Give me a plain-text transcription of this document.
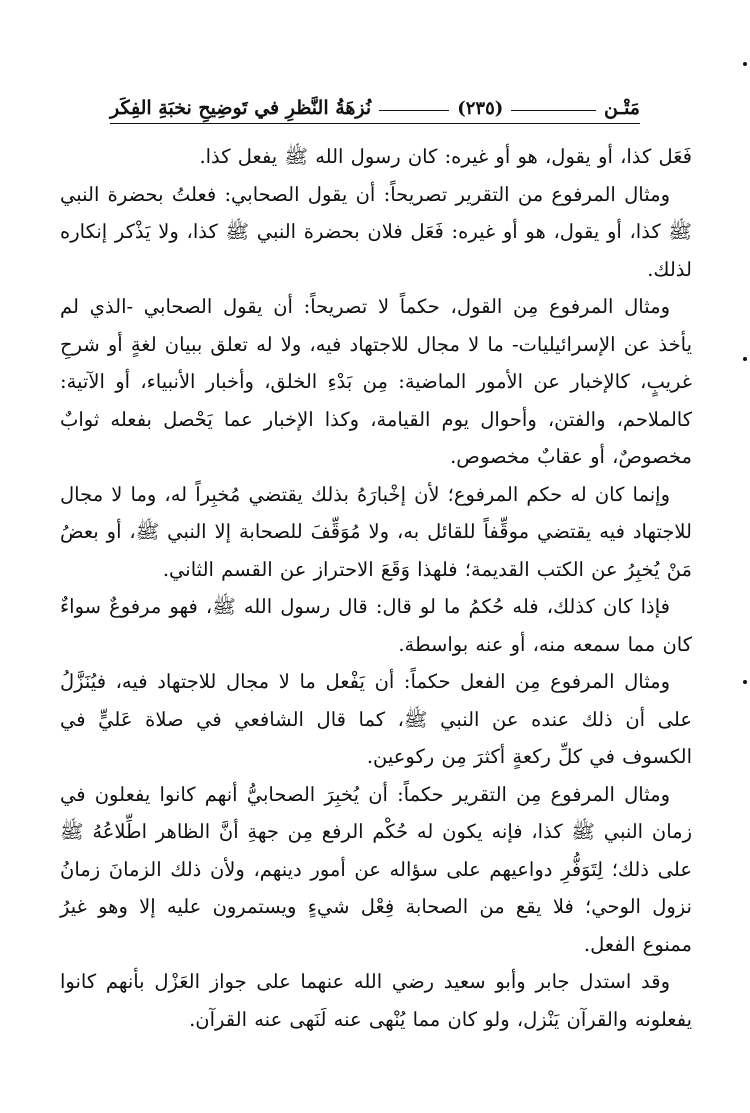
مَتْـن
(٢٣٥)
نُزهَةُ النَّظرِ في تَوضِيحِ نخبَةِ الفِكَر

فَعَل كذا، أو يقول، هو أو غيره: كان رسول الله ﷺ يفعل كذا.

ومثال المرفوع من التقرير تصريحاً: أن يقول الصحابي: فعلتُ بحضرة النبي ﷺ كذا، أو يقول، هو أو غيره: فَعَل فلان بحضرة النبي ﷺ كذا، ولا يَذْكر إنكاره لذلك.

ومثال المرفوع مِن القول، حكماً لا تصريحاً: أن يقول الصحابي -الذي لم يأخذ عن الإسرائيليات- ما لا مجال للاجتهاد فيه، ولا له تعلق ببيان لغةٍ أو شرحِ غريبٍ، كالإخبار عن الأمور الماضية: مِن بَدْءِ الخلق، وأخبار الأنبياء، أو الآتية: كالملاحم، والفتن، وأحوال يوم القيامة، وكذا الإخبار عما يَحْصل بفعله ثوابٌ مخصوصٌ، أو عقابٌ مخصوص.

وإنما كان له حكم المرفوع؛ لأن إخْبارَهُ بذلك يقتضي مُخبِراً له، وما لا مجال للاجتهاد فيه يقتضي موقِّفاً للقائل به، ولا مُوَقِّفَ للصحابة إلا النبي ﷺ، أو بعضُ مَنْ يُخبِرُ عن الكتب القديمة؛ فلهذا وَقَعَ الاحتراز عن القسم الثاني.

فإذا كان كذلك، فله حُكمُ ما لو قال: قال رسول الله ﷺ، فهو مرفوعٌ سواءٌ كان مما سمعه منه، أو عنه بواسطة.

ومثال المرفوع مِن الفعل حكماً: أن يَفْعل ما لا مجال للاجتهاد فيه، فيُنَزَّلُ على أن ذلك عنده عن النبي ﷺ، كما قال الشافعي في صلاة عَليٍّ في الكسوف في كلِّ ركعةٍ أكثرَ مِن ركوعين.

ومثال المرفوع مِن التقرير حكماً: أن يُخبِرَ الصحابيُّ أنهم كانوا يفعلون في زمان النبي ﷺ كذا، فإنه يكون له حُكْم الرفع مِن جهةِ أنَّ الظاهر اطِّلاعُهُ ﷺ على ذلك؛ لِتَوَفُّرِ دواعيهم على سؤاله عن أمور دينهم، ولأن ذلك الزمانَ زمانُ نزول الوحي؛ فلا يقع من الصحابة فِعْل شيءٍ ويستمرون عليه إلا وهو غيرُ ممنوع الفعل.

وقد استدل جابر وأبو سعيد رضي الله عنهما على جواز العَزْل بأنهم كانوا يفعلونه والقرآن يَنْزل، ولو كان مما يُنْهى عنه لَنَهى عنه القرآن.
